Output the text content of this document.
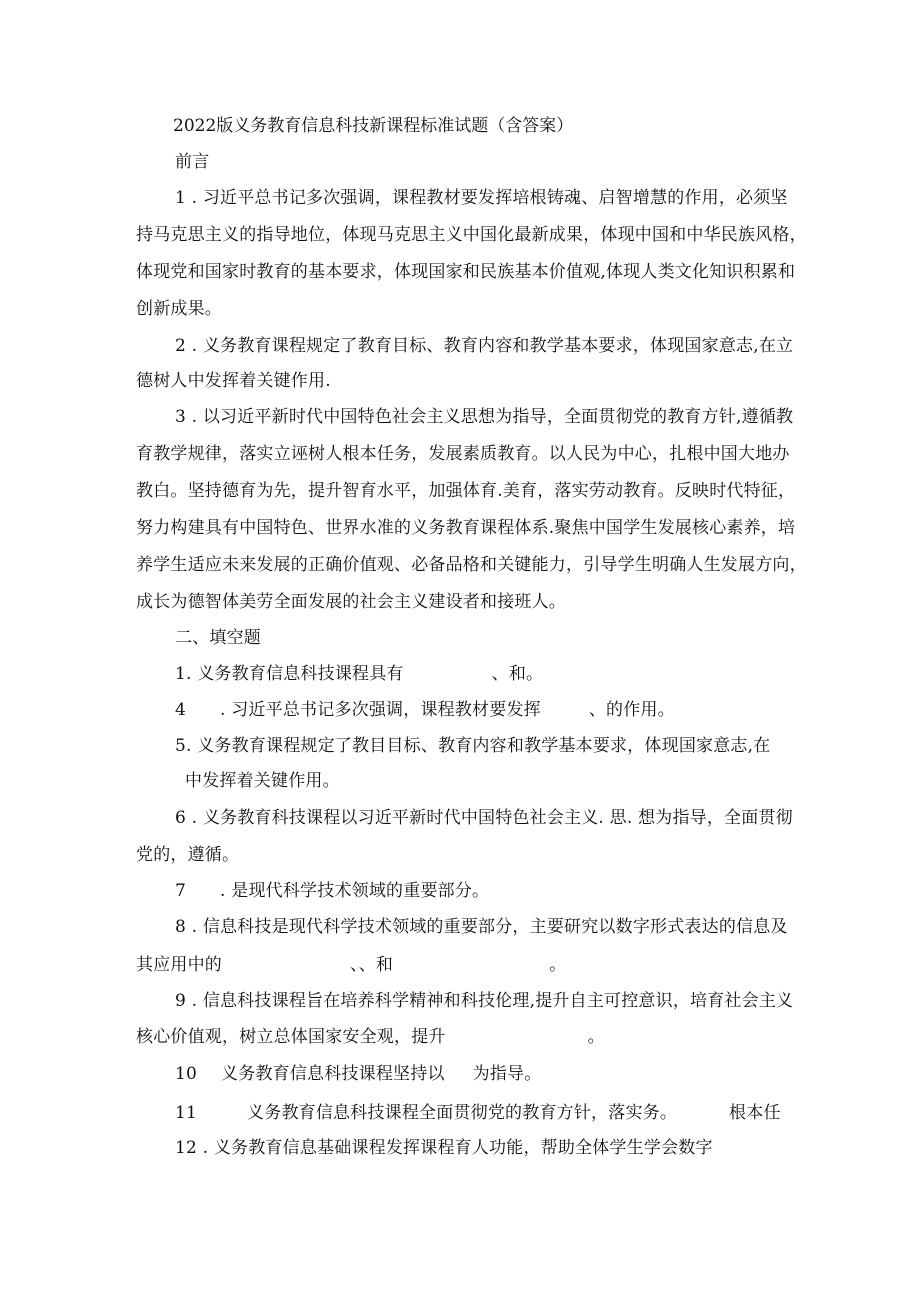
2022版义务教育信息科技新课程标准试题（含答案）
前言
1 . 习近平总书记多次强调，课程教材要发挥培根铸魂、启智增慧的作用，必须坚
持马克思主义的指导地位，体现马克思主义中国化最新成果，体现中国和中华民族风格，
体现党和国家时教育的基本要求，体现国家和民族基本价值观,体现人类文化知识积累和
创新成果。
2 . 义务教育课程规定了教育目标、教育内容和教学基本要求，体现国家意志,在立
德树人中发挥着关键作用.
3 . 以习近平新时代中国特色社会主义思想为指导，全面贯彻党的教育方针,遵循教
育教学规律，落实立诬树人根本任务，发展素质教育。以人民为中心，扎根中国大地办
教白。坚持德育为先，提升智育水平，加强体育.美育，落实劳动教育。反映时代特征，
努力构建具有中国特色、世界水准的义务教育课程体系.聚焦中国学生发展核心素养，培
养学生适应未来发展的正确价值观、必备品格和关键能力，引导学生明确人生发展方向，
成长为德智体美劳全面发展的社会主义建设者和接班人。
二、填空题
1. 义务教育信息科技课程具有	、和。
4 . 习近平总书记多次强调，课程教材要发挥	、的作用。
5. 义务教育课程规定了教目目标、教育内容和教学基本要求，体现国家意志,在
中发挥着关键作用。
6 . 义务教育科技课程以习近平新时代中国特色社会主义. 思. 想为指导，全面贯彻
党的，遵循。
7 . 是现代科学技术领域的重要部分。
8 . 信息科技是现代科学技术领域的重要部分，主要研究以数字形式表达的信息及
其应用中的	、、和	。
9 . 信息科技课程旨在培养科学精神和科技伦理,提升自主可控意识，培育社会主义
核心价值观，树立总体国家安全观，提升	。
10 义务教育信息科技课程坚持以 为指导。
11	义务教育信息科技课程全面贯彻党的教育方针，落实务。	根本任
12 . 义务教育信息基础课程发挥课程育人功能，帮助全体学生学会数字
